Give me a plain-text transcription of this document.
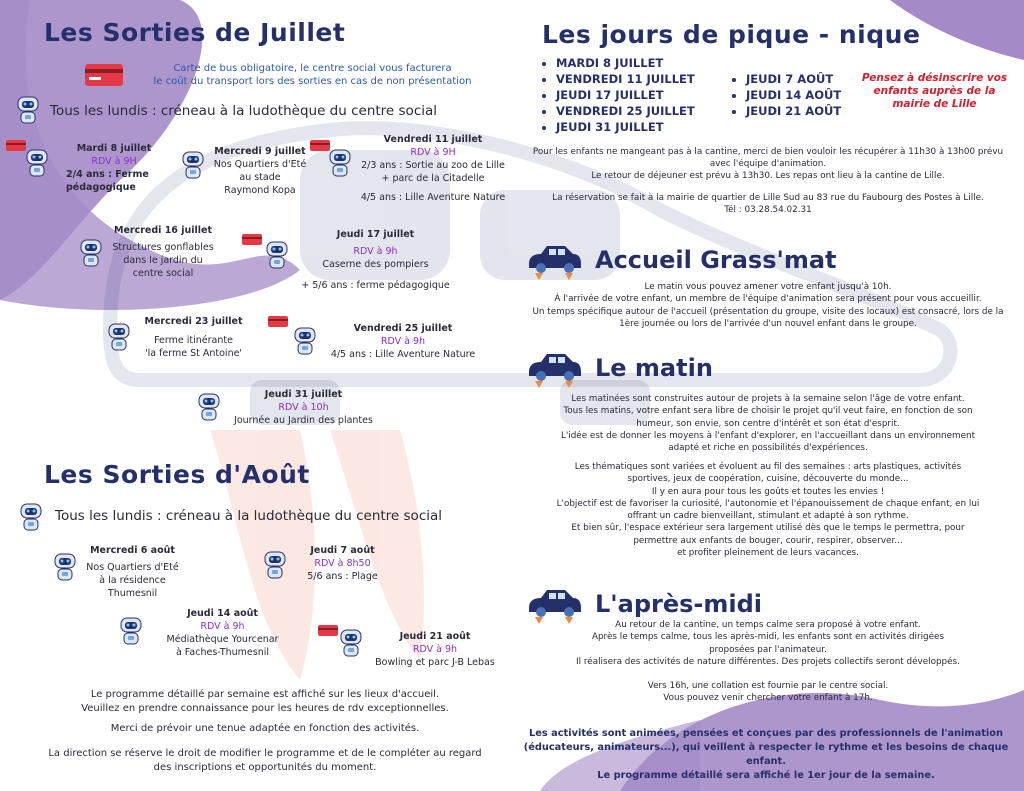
Les Sorties de Juillet
Carte de bus obligatoire, le centre social vous facturera
le coût du transport lors des sorties en cas de non présentation
Tous les lundis : créneau à la ludothèque du centre social
Mardi 8 juillet
RDV à 9H
2/4 ans : Ferme
pédagogique
Mercredi 9 juillet
Nos Quartiers d'Eté
au stade
Raymond Kopa
Vendredi 11 juillet
RDV à 9H
2/3 ans : Sortie au zoo de Lille
+ parc de la Citadelle
4/5 ans : Lille Aventure Nature
Mercredi 16 juillet
Structures gonflables
dans le jardin du
centre social
Jeudi 17 juillet
RDV à 9h
Caserne des pompiers
+ 5/6 ans : ferme pédagogique
Mercredi 23 juillet
Ferme itinérante
'la ferme St Antoine'
Vendredi 25 juillet
RDV à 9h
4/5 ans : Lille Aventure Nature
Jeudi 31 juillet
RDV à 10h
Journée au Jardin des plantes
Les Sorties d'Août
Tous les lundis : créneau à la ludothèque du centre social
Mercredi 6 août
Nos Quartiers d'Eté
à la résidence
Thumesnil
Jeudi 7 août
RDV à 8h50
5/6 ans : Plage
Jeudi 14 août
RDV à 9h
Médiathèque Yourcenar
à Faches-Thumesnil
Jeudi 21 août
RDV à 9h
Bowling et parc J-B Lebas
Le programme détaillé par semaine est affiché sur les lieux d'accueil.
Veuillez en prendre connaissance pour les heures de rdv exceptionnelles.
Merci de prévoir une tenue adaptée en fonction des activités.
La direction se réserve le droit de modifier le programme et de le compléter au regard
des inscriptions et opportunités du moment.
Les jours de pique - nique
• MARDI 8 JUILLET
• VENDREDI 11 JUILLET
• JEUDI 17 JUILLET
• VENDREDI 25 JUILLET
• JEUDI 31 JUILLET
• JEUDI 7 AOÛT
• JEUDI 14 AOÛT
• JEUDI 21 AOÛT
Pensez à désinscrire vos
enfants auprès de la
mairie de Lille
Pour les enfants ne mangeant pas à la cantine, merci de bien vouloir les récupérer à 11h30 à 13h00 prévu
avec l'équipe d'animation.
Le retour de déjeuner est prévu à 13h30. Les repas ont lieu à la cantine de Lille.
La réservation se fait à la mairie de quartier de Lille Sud au 83 rue du Faubourg des Postes à Lille.
Tél : 03.28.54.02.31
Accueil Grass'mat
Le matin vous pouvez amener votre enfant jusqu'à 10h.
À l'arrivée de votre enfant, un membre de l'équipe d'animation sera présent pour vous accueillir.
Un temps spécifique autour de l'accueil (présentation du groupe, visite des locaux) est consacré, lors de la
1ère journée ou lors de l'arrivée d'un nouvel enfant dans le groupe.
Le matin
Les matinées sont construites autour de projets à la semaine selon l'âge de votre enfant.
Tous les matins, votre enfant sera libre de choisir le projet qu'il veut faire, en fonction de son
humeur, son envie, son centre d'intérêt et son état d'esprit.
L'idée est de donner les moyens à l'enfant d'explorer, en l'accueillant dans un environnement
adapté et riche en possibilités d'expériences.
Les thématiques sont variées et évoluent au fil des semaines : arts plastiques, activités
sportives, jeux de coopération, cuisine, découverte du monde...
Il y en aura pour tous les goûts et toutes les envies !
L'objectif est de favoriser la curiosité, l'autonomie et l'épanouissement de chaque enfant, en lui
offrant un cadre bienveillant, stimulant et adapté à son rythme.
Et bien sûr, l'espace extérieur sera largement utilisé dès que le temps le permettra, pour
permettre aux enfants de bouger, courir, respirer, observer...
et profiter pleinement de leurs vacances.
L'après-midi
Au retour de la cantine, un temps calme sera proposé à votre enfant.
Après le temps calme, tous les après-midi, les enfants sont en activités dirigées
proposées par l'animateur.
Il réalisera des activités de nature différentes. Des projets collectifs seront développés.
Vers 16h, une collation est fournie par le centre social.
Vous pouvez venir chercher votre enfant à 17h.
Les activités sont animées, pensées et conçues par des professionnels de l'animation
(éducateurs, animateurs...), qui veillent à respecter le rythme et les besoins de chaque enfant.
Le programme détaillé sera affiché le 1er jour de la semaine.
